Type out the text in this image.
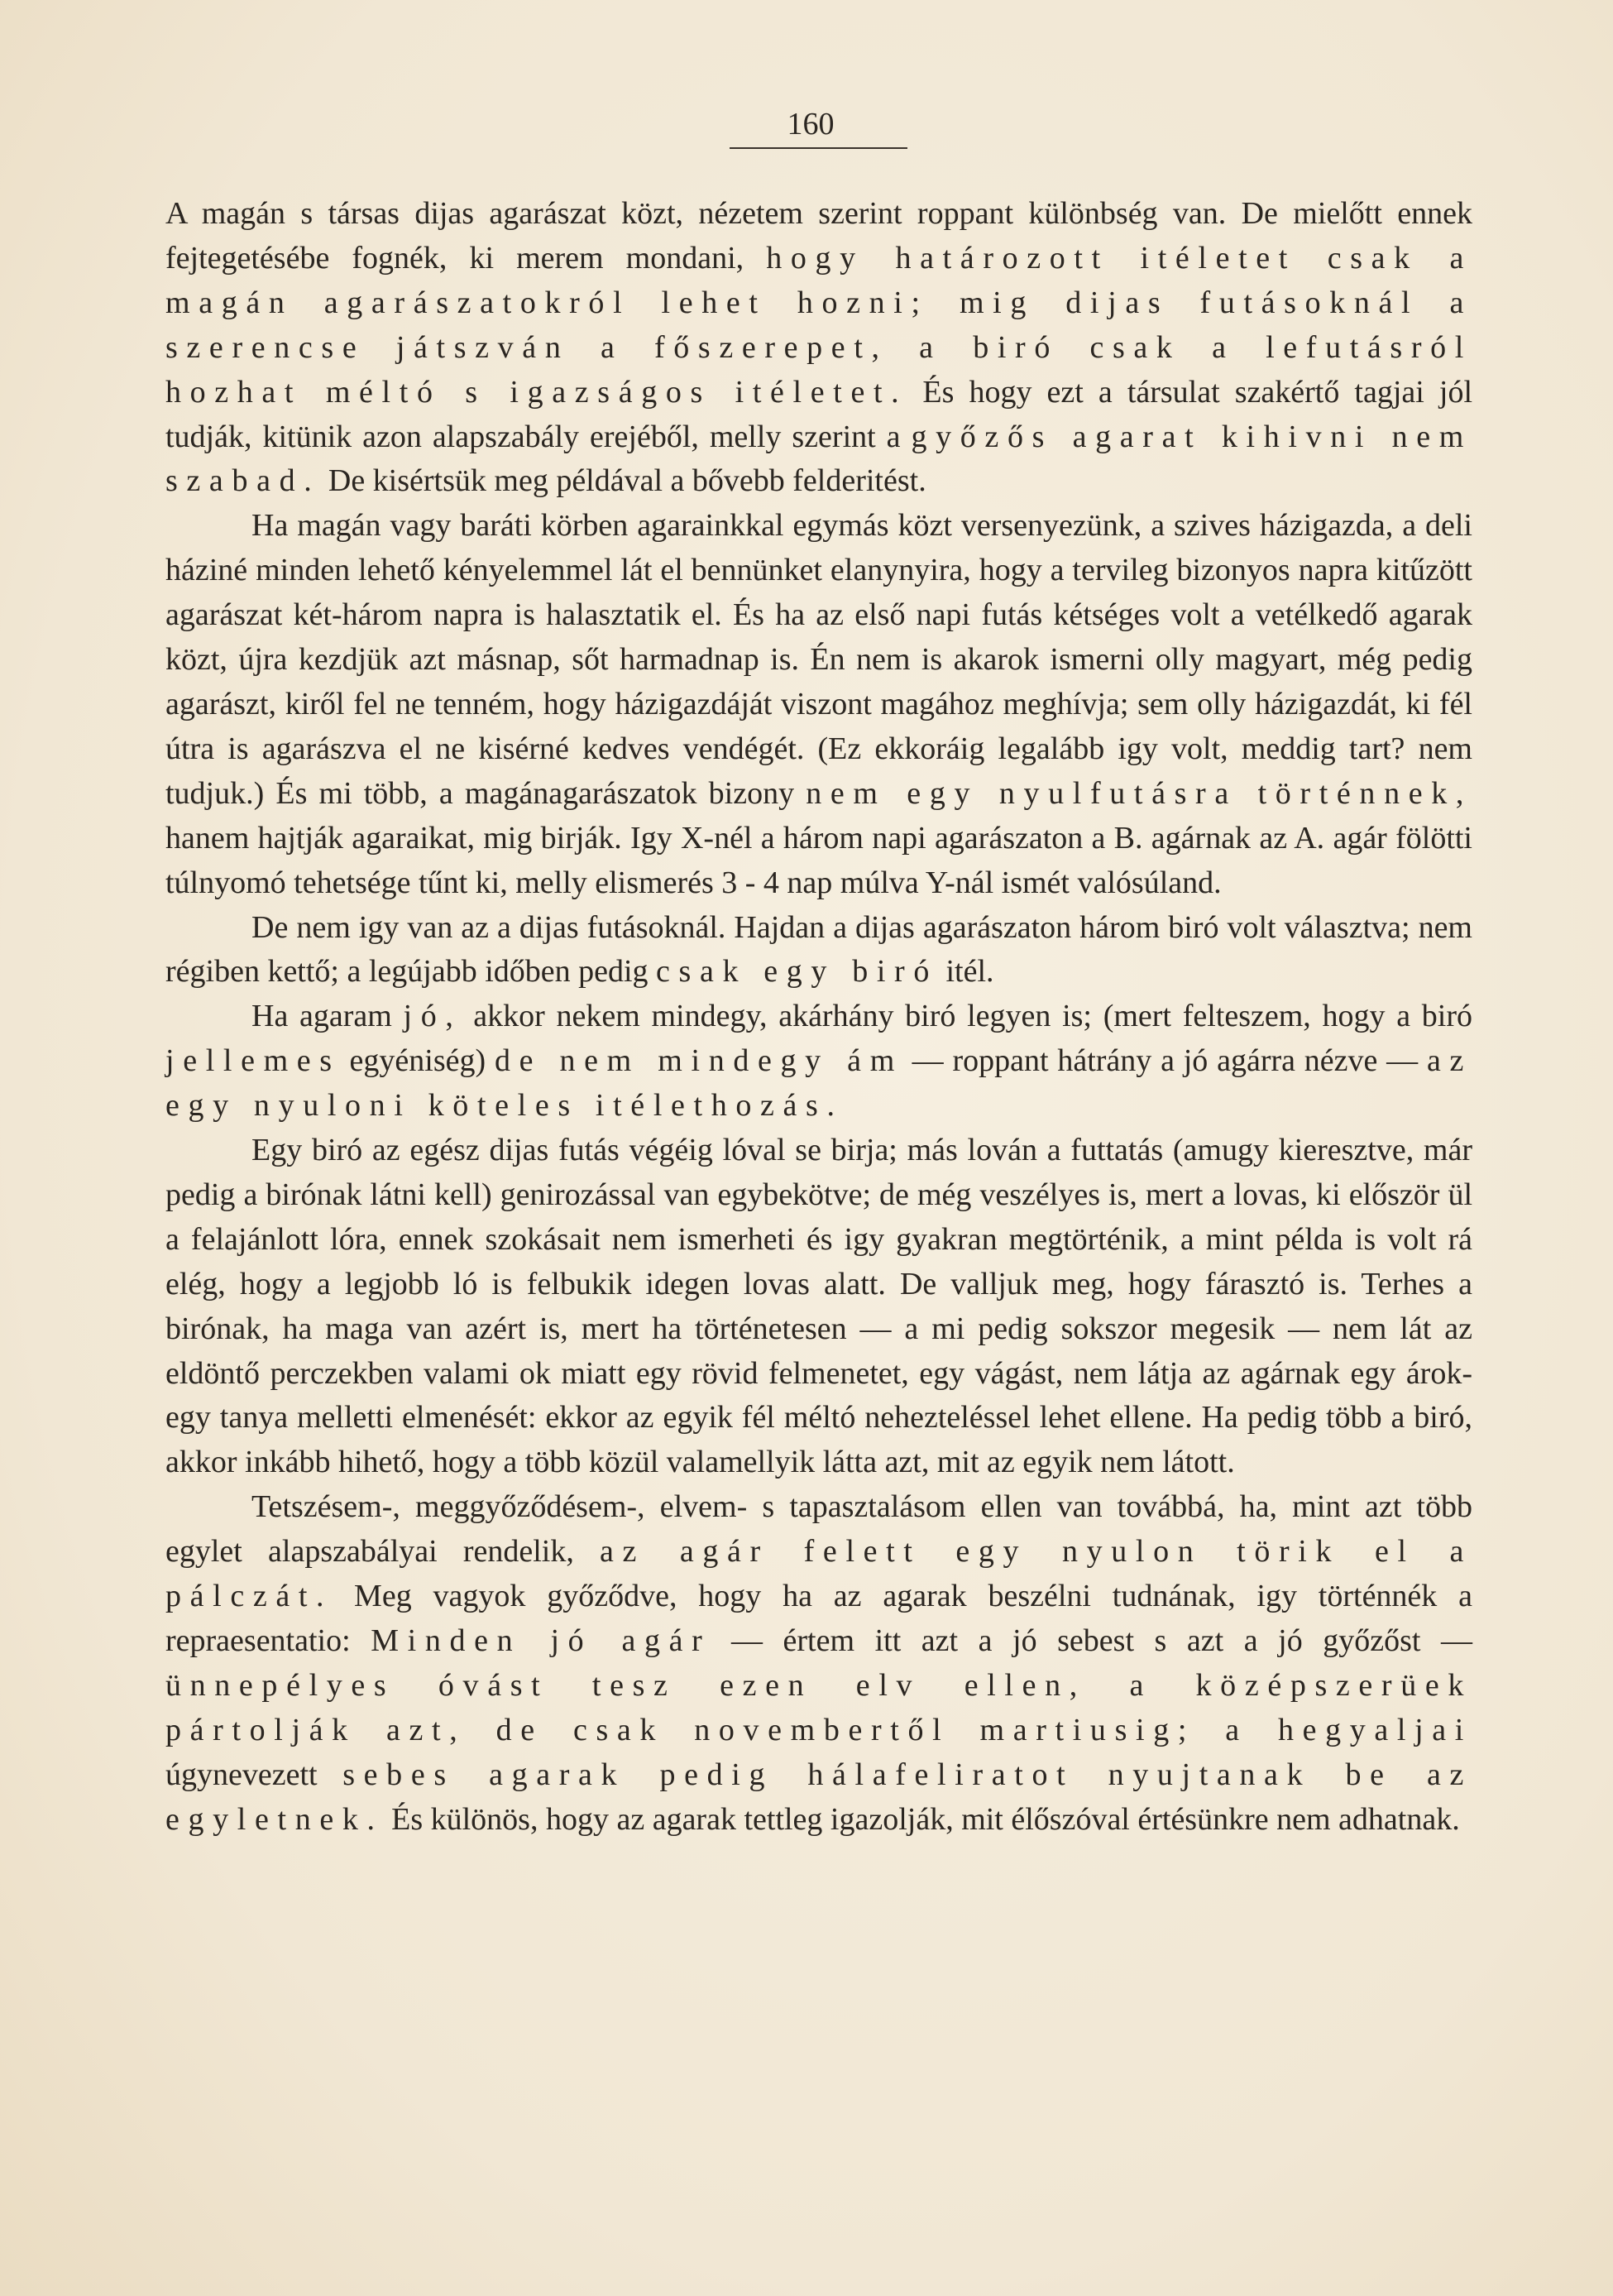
160

A magán s társas dijas agarászat közt, nézetem szerint roppant különbség van. De mielőtt ennek fejtegetésébe fognék, ki merem mondani, hogy határozott itéletet csak a magán agarászatokról lehet hozni; mig dijas futásoknál a szerencse játszván a főszerepet, a biró csak a lefutásról hozhat méltó s igazságos itéletet. És hogy ezt a társulat szakértő tagjai jól tudják, kitünik azon alapszabály erejéből, melly szerint a győzős agarat kihivni nem szabad. De kisértsük meg példával a bővebb felderitést.

Ha magán vagy baráti körben agarainkkal egymás közt versenyezünk, a szives házigazda, a deli háziné minden lehető kényelemmel lát el bennünket elanynyira, hogy a tervileg bizonyos napra kitűzött agarászat két-három napra is halasztatik el. És ha az első napi futás kétséges volt a vetélkedő agarak közt, újra kezdjük azt másnap, sőt harmadnap is. Én nem is akarok ismerni olly magyart, még pedig agarászt, kiről fel ne tenném, hogy házigazdáját viszont magához meghívja; sem olly házigazdát, ki fél útra is agarászva el ne kisérné kedves vendégét. (Ez ekkoráig legalább igy volt, meddig tart? nem tudjuk.) És mi több, a magánagarászatok bizony nem egy nyulfutásra történnek, hanem hajtják agaraikat, mig birják. Igy X-nél a három napi agarászaton a B. agárnak az A. agár fölötti túlnyomó tehetsége tűnt ki, melly elismerés 3 - 4 nap múlva Y-nál ismét valósúland.

De nem igy van az a dijas futásoknál. Hajdan a dijas agarászaton három biró volt választva; nem régiben kettő; a legújabb időben pedig csak egy biró itél.

Ha agaram jó, akkor nekem mindegy, akárhány biró legyen is; (mert felteszem, hogy a biró jellemes egyéniség) de nem mindegy ám — roppant hátrány a jó agárra nézve — az egy nyuloni köteles itélethozás.

Egy biró az egész dijas futás végéig lóval se birja; más lován a futtatás (amugy kieresztve, már pedig a birónak látni kell) genirozással van egybekötve; de még veszélyes is, mert a lovas, ki először ül a felajánlott lóra, ennek szokásait nem ismerheti és igy gyakran megtörténik, a mint példa is volt rá elég, hogy a legjobb ló is felbukik idegen lovas alatt. De valljuk meg, hogy fárasztó is. Terhes a birónak, ha maga van azért is, mert ha történetesen — a mi pedig sokszor megesik — nem lát az eldöntő perczekben valami ok miatt egy rövid felmenetet, egy vágást, nem látja az agárnak egy árok- egy tanya melletti elmenését: ekkor az egyik fél méltó nehezteléssel lehet ellene. Ha pedig több a biró, akkor inkább hihető, hogy a több közül valamellyik látta azt, mit az egyik nem látott.

Tetszésem-, meggyőződésem-, elvem- s tapasztalásom ellen van továbbá, ha, mint azt több egylet alapszabályai rendelik, az agár felett egy nyulon törik el a pálczát. Meg vagyok győződve, hogy ha az agarak beszélni tudnának, igy történnék a repraesentatio: Minden jó agár — értem itt azt a jó sebest s azt a jó győzőst — ünnepélyes óvást tesz ezen elv ellen, a középszerüek pártolják azt, de csak novembertől martiusig; a hegyaljai úgynevezett sebes agarak pedig hálafeliratot nyujtanak be az egyletnek. És különös, hogy az agarak tettleg igazolják, mit élőszóval értésünkre nem adhatnak.
